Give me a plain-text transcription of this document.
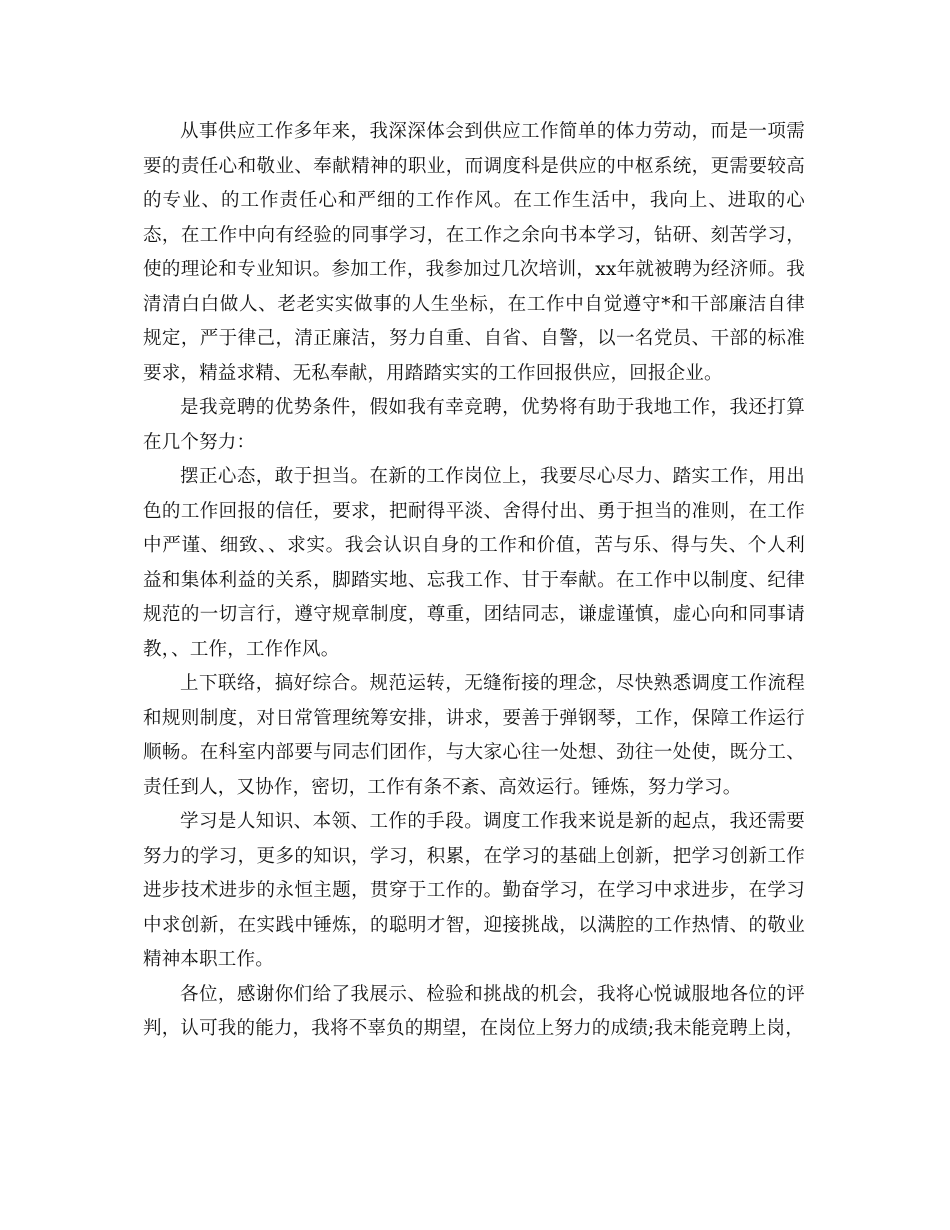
从事供应工作多年来，我深深体会到供应工作简单的体力劳动，而是一项需要的责任心和敬业、奉献精神的职业，而调度科是供应的中枢系统，更需要较高的专业、的工作责任心和严细的工作作风。在工作生活中，我向上、进取的心态，在工作中向有经验的同事学习，在工作之余向书本学习，钻研、刻苦学习，使的理论和专业知识。参加工作，我参加过几次培训，xx年就被聘为经济师。我清清白白做人、老老实实做事的人生坐标，在工作中自觉遵守*和干部廉洁自律规定，严于律己，清正廉洁，努力自重、自省、自警，以一名党员、干部的标准要求，精益求精、无私奉献，用踏踏实实的工作回报供应，回报企业。

是我竞聘的优势条件，假如我有幸竞聘，优势将有助于我地工作，我还打算在几个努力：

摆正心态，敢于担当。在新的工作岗位上，我要尽心尽力、踏实工作，用出色的工作回报的信任，要求，把耐得平淡、舍得付出、勇于担当的准则，在工作中严谨、细致、、求实。我会认识自身的工作和价值，苦与乐、得与失、个人利益和集体利益的关系，脚踏实地、忘我工作、甘于奉献。在工作中以制度、纪律规范的一切言行，遵守规章制度，尊重，团结同志，谦虚谨慎，虚心向和同事请教，、工作，工作作风。

上下联络，搞好综合。规范运转，无缝衔接的理念，尽快熟悉调度工作流程和规则制度，对日常管理统筹安排，讲求，要善于弹钢琴，工作，保障工作运行顺畅。在科室内部要与同志们团作，与大家心往一处想、劲往一处使，既分工、责任到人，又协作，密切，工作有条不紊、高效运行。锤炼，努力学习。

学习是人知识、本领、工作的手段。调度工作我来说是新的起点，我还需要努力的学习，更多的知识，学习，积累，在学习的基础上创新，把学习创新工作进步技术进步的永恒主题，贯穿于工作的。勤奋学习，在学习中求进步，在学习中求创新，在实践中锤炼，的聪明才智，迎接挑战，以满腔的工作热情、的敬业精神本职工作。

各位，感谢你们给了我展示、检验和挑战的机会，我将心悦诚服地各位的评判，认可我的能力，我将不辜负的期望，在岗位上努力的成绩;我未能竞聘上岗，
